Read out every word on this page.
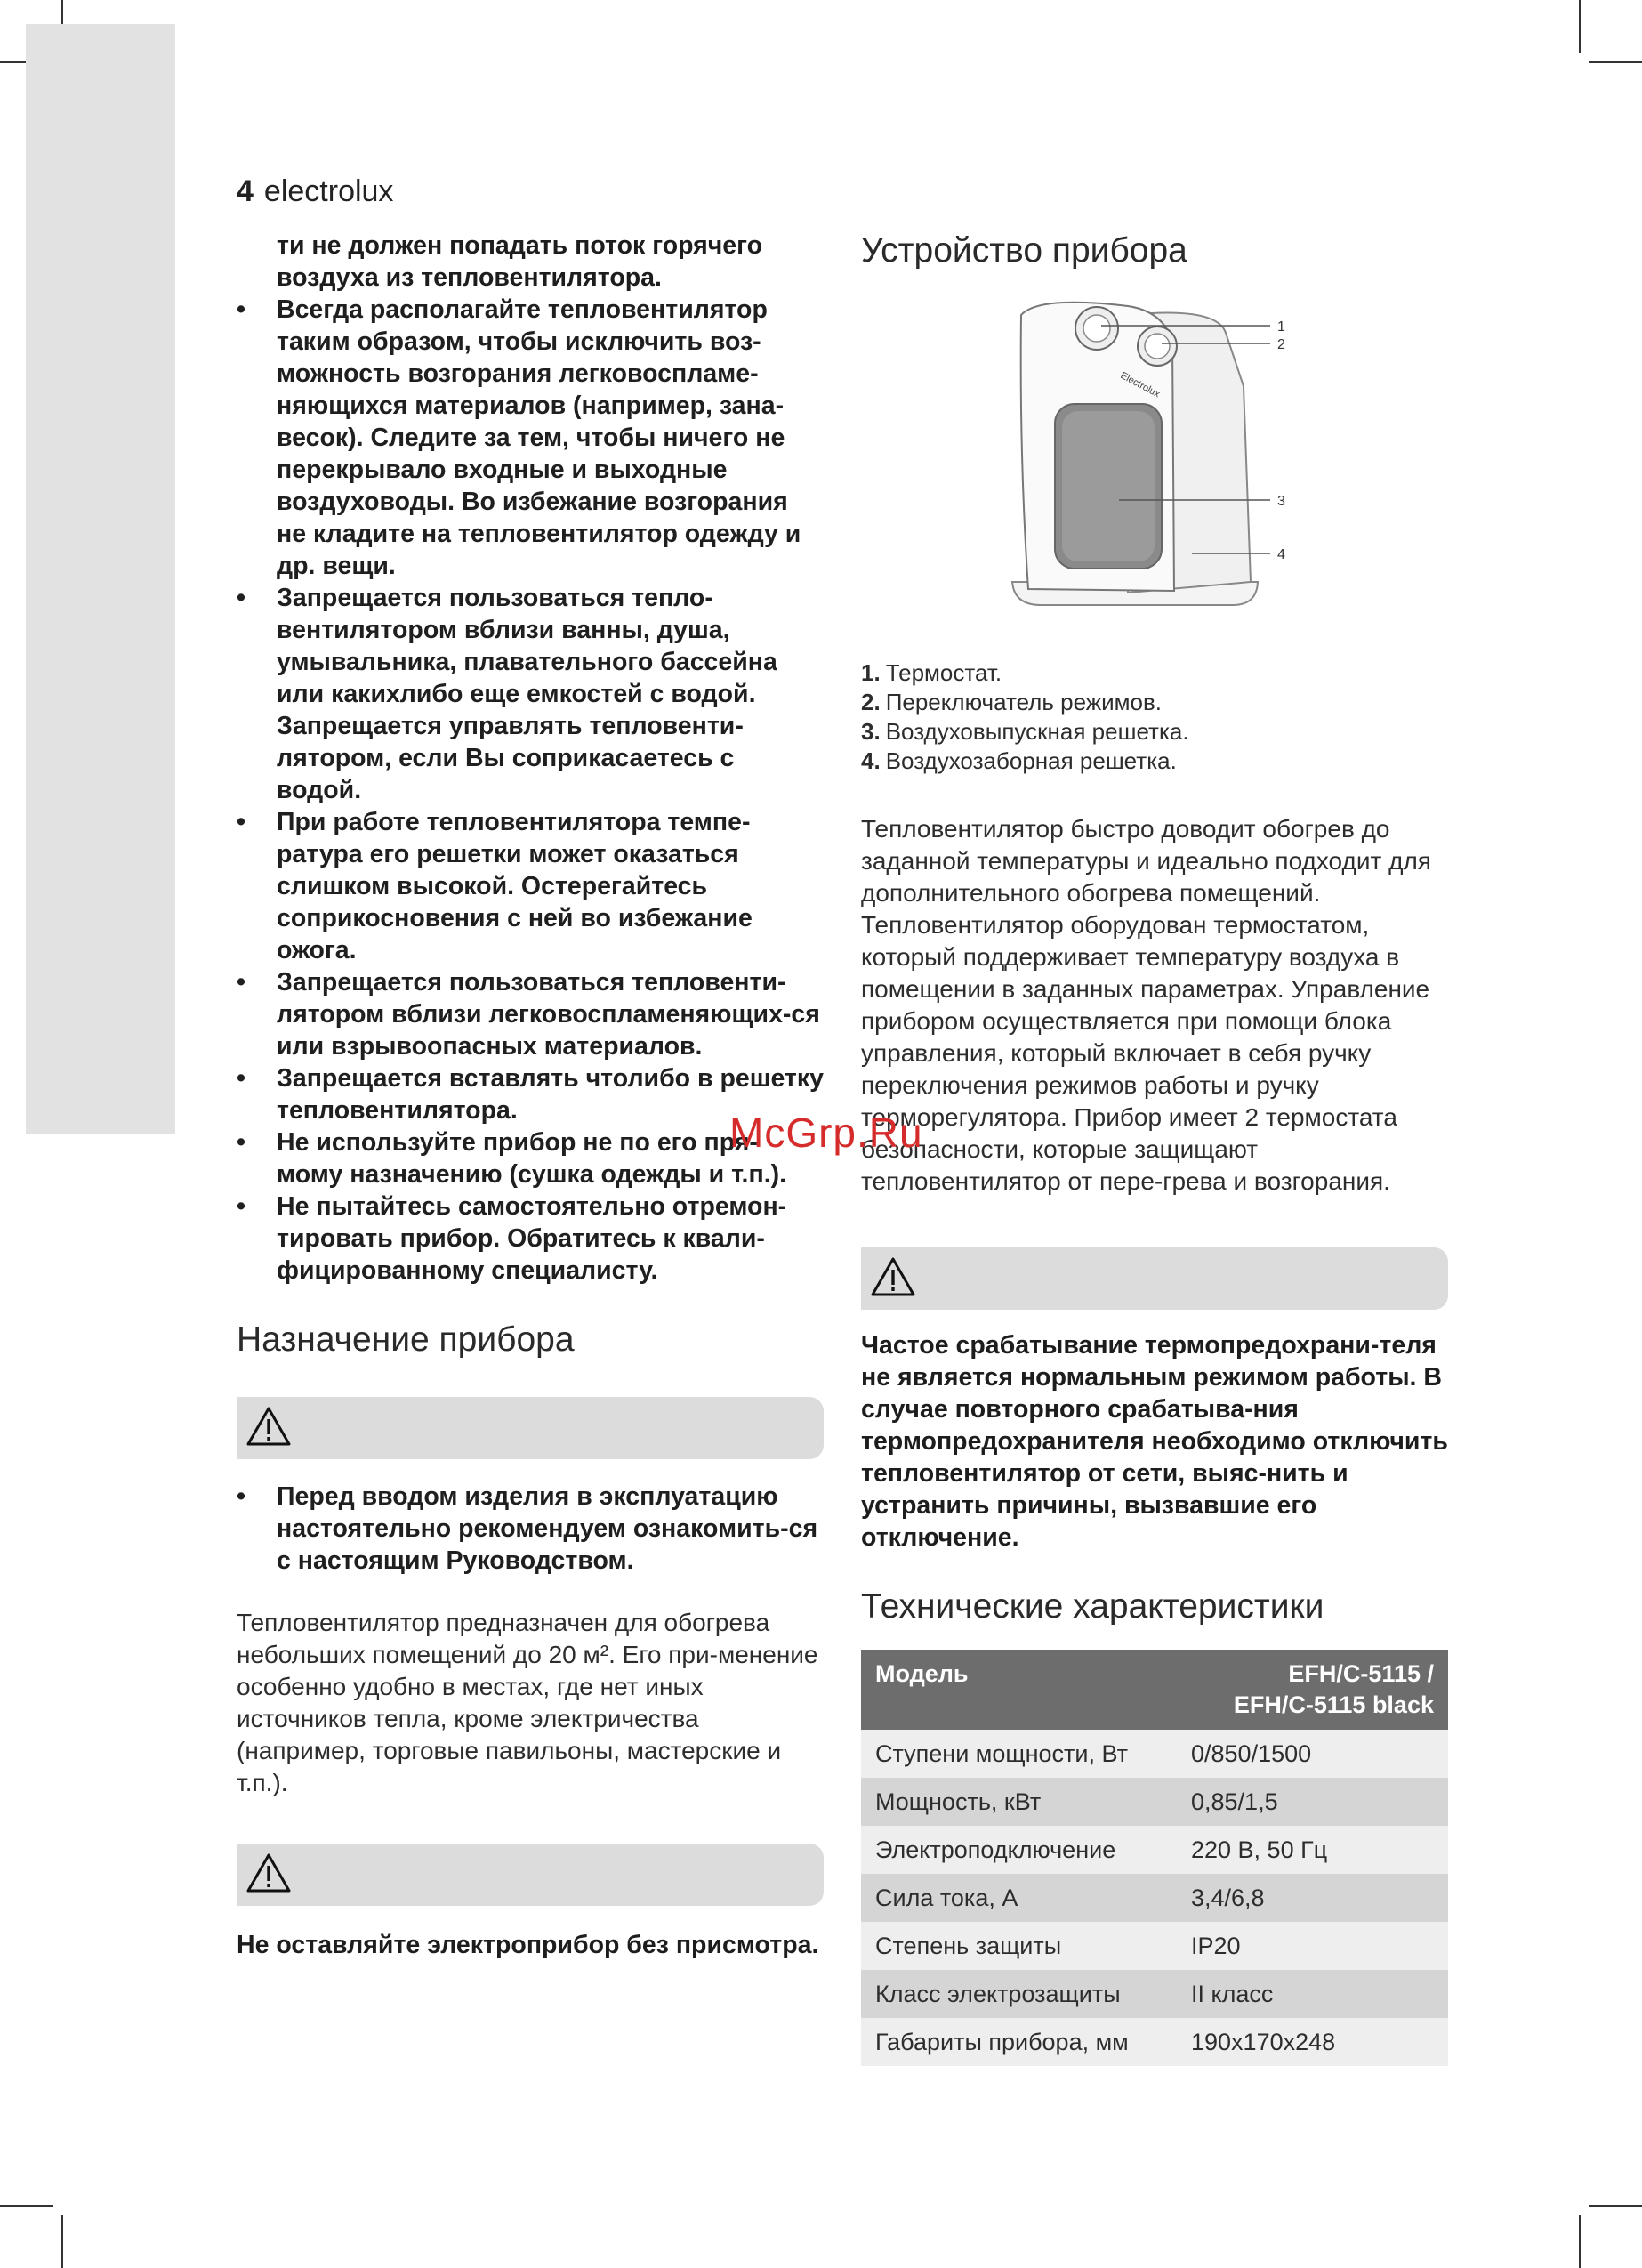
4 electrolux
ти не должен попадать поток горячего воздуха из тепловентилятора.
• Всегда располагайте тепловентилятор таким образом, чтобы исключить воз-можность возгорания легковоспламе-няющихся материалов (например, зана-весок). Следите за тем, чтобы ничего не перекрывало входные и выходные воздуховоды. Во избежание возгорания не кладите на тепловентилятор одежду и др. вещи.
• Запрещается пользоваться тепло-вентилятором вблизи ванны, душа, умывальника, плавательного бассейна или какихлибо еще емкостей с водой. Запрещается управлять тепловенти-лятором, если Вы соприкасаетесь с водой.
• При работе тепловентилятора темпе-ратура его решетки может оказаться слишком высокой. Остерегайтесь соприкосновения с ней во избежание ожога.
• Запрещается пользоваться тепловенти-лятором вблизи легковоспламеняющих-ся или взрывоопасных материалов.
• Запрещается вставлять чтолибо в решетку тепловентилятора.
• Не используйте прибор не по его пря-мому назначению (сушка одежды и т.п.).
• Не пытайтесь самостоятельно отремон-тировать прибор. Обратитесь к квали-фицированному специалисту.
Назначение прибора
• Перед вводом изделия в эксплуатацию настоятельно рекомендуем ознакомить-ся с настоящим Руководством.

Тепловентилятор предназначен для обогрева небольших помещений до 20 м². Его при-менение особенно удобно в местах, где нет иных источников тепла, кроме электричества (например, торговые павильоны, мастерские и т.п.).

Не оставляйте электроприбор без присмотра.
Устройство прибора
Electrolux
1
2
3
4
1. Термостат.
2. Переключатель режимов.
3. Воздуховыпускная решетка.
4. Воздухозаборная решетка.

Тепловентилятор быстро доводит обогрев до заданной температуры и идеально подходит для дополнительного обогрева помещений. Тепловентилятор оборудован термостатом, который поддерживает температуру воздуха в помещении в заданных параметрах. Управление прибором осуществляется при помощи блока управления, который включает в себя ручку переключения режимов работы и ручку терморегулятора. Прибор имеет 2 термостата безопасности, которые защищают тепловентилятор от пере-грева и возгорания.

Частое срабатывание термопредохрани-теля не является нормальным режимом работы. В случае повторного срабатыва-ния термопредохранителя необходимо отключить тепловентилятор от сети, выяс-нить и устранить причины, вызвавшие его отключение.
Технические характеристики
Модель	EFH/C-5115 /
EFH/C-5115 black

Ступени мощности, Вт	0/850/1500
Мощность, кВт	0,85/1,5
Электроподключение	220 В, 50 Гц
Сила тока, А	3,4/6,8
Степень защиты	IP20
Класс электрозащиты	II класс
Габариты прибора, мм	190x170x248
McGrp.Ru
